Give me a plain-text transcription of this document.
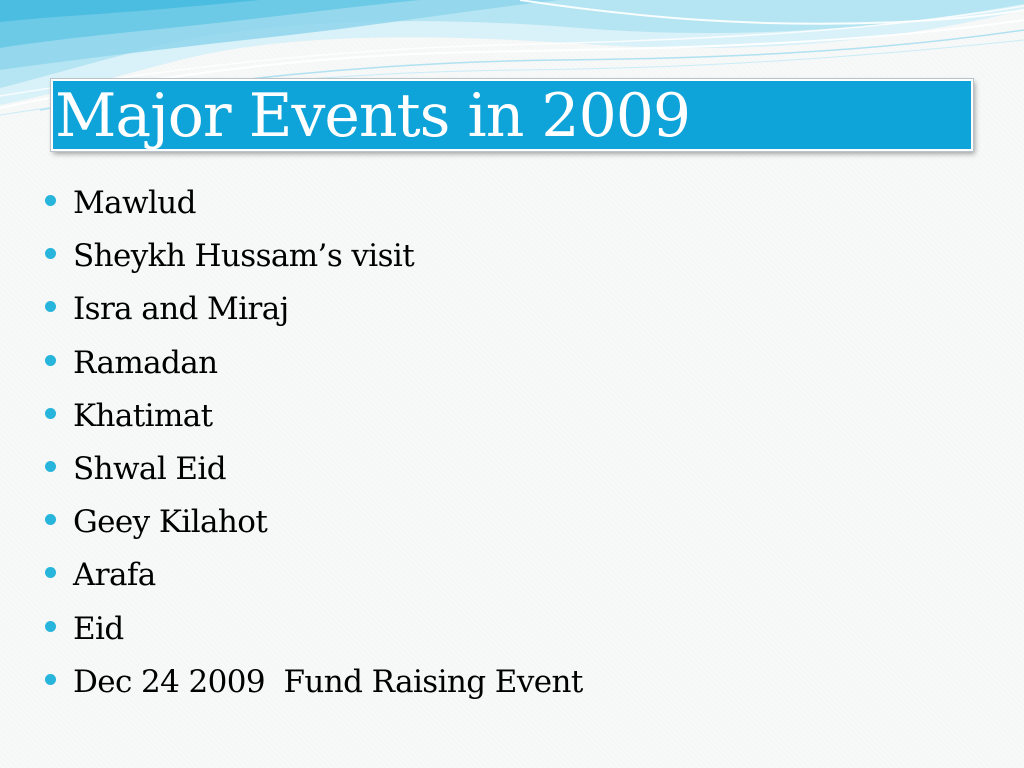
Major Events in 2009
Mawlud
Sheykh Hussam’s visit
Isra and Miraj
Ramadan
Khatimat
Shwal Eid
Geey Kilahot
Arafa
Eid
Dec 24 2009  Fund Raising Event
